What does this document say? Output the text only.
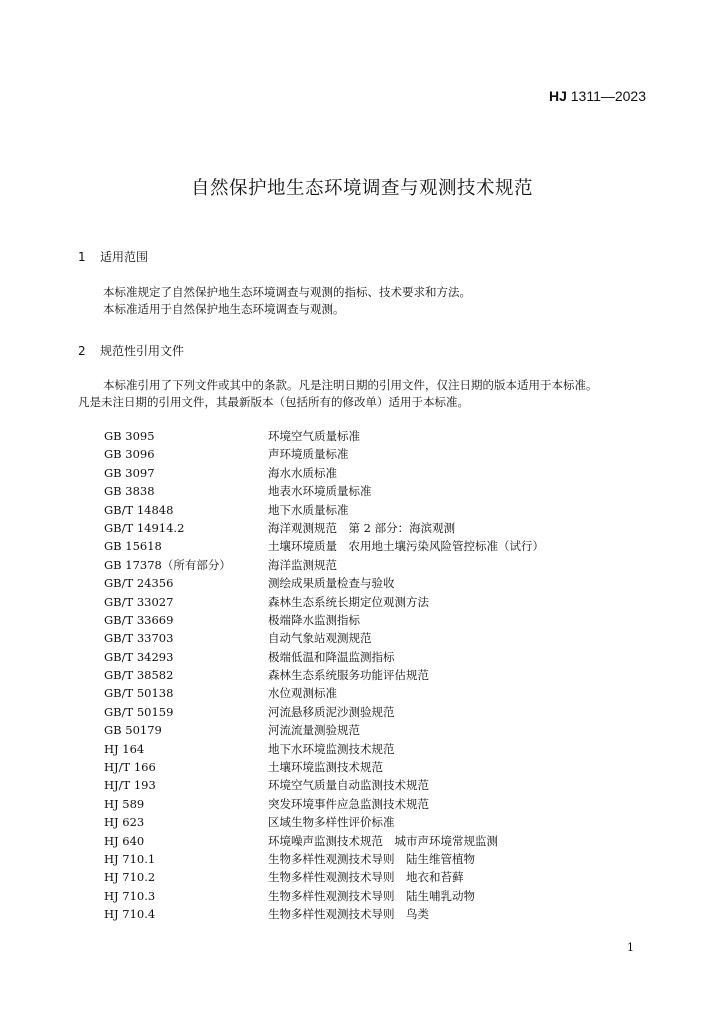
HJ 1311—2023
自然保护地生态环境调查与观测技术规范
1 适用范围

本标准规定了自然保护地生态环境调查与观测的指标、技术要求和方法。

本标准适用于自然保护地生态环境调查与观测。

2 规范性引用文件

本标准引用了下列文件或其中的条款。凡是注明日期的引用文件，仅注日期的版本适用于本标准。

凡是未注日期的引用文件，其最新版本（包括所有的修改单）适用于本标准。

GB 3095	环境空气质量标准
GB 3096	声环境质量标准
GB 3097	海水水质标准
GB 3838	地表水环境质量标准
GB/T 14848	地下水质量标准
GB/T 14914.2	海洋观测规范　第 2 部分：海滨观测
GB 15618	土壤环境质量　农用地土壤污染风险管控标准（试行）
GB 17378（所有部分）	海洋监测规范
GB/T 24356	测绘成果质量检查与验收
GB/T 33027	森林生态系统长期定位观测方法
GB/T 33669	极端降水监测指标
GB/T 33703	自动气象站观测规范
GB/T 34293	极端低温和降温监测指标
GB/T 38582	森林生态系统服务功能评估规范
GB/T 50138	水位观测标准
GB/T 50159	河流悬移质泥沙测验规范
GB 50179	河流流量测验规范
HJ 164	地下水环境监测技术规范
HJ/T 166	土壤环境监测技术规范
HJ/T 193	环境空气质量自动监测技术规范
HJ 589	突发环境事件应急监测技术规范
HJ 623	区域生物多样性评价标准
HJ 640	环境噪声监测技术规范　城市声环境常规监测
HJ 710.1	生物多样性观测技术导则　陆生维管植物
HJ 710.2	生物多样性观测技术导则　地衣和苔藓
HJ 710.3	生物多样性观测技术导则　陆生哺乳动物
HJ 710.4	生物多样性观测技术导则　鸟类
1
